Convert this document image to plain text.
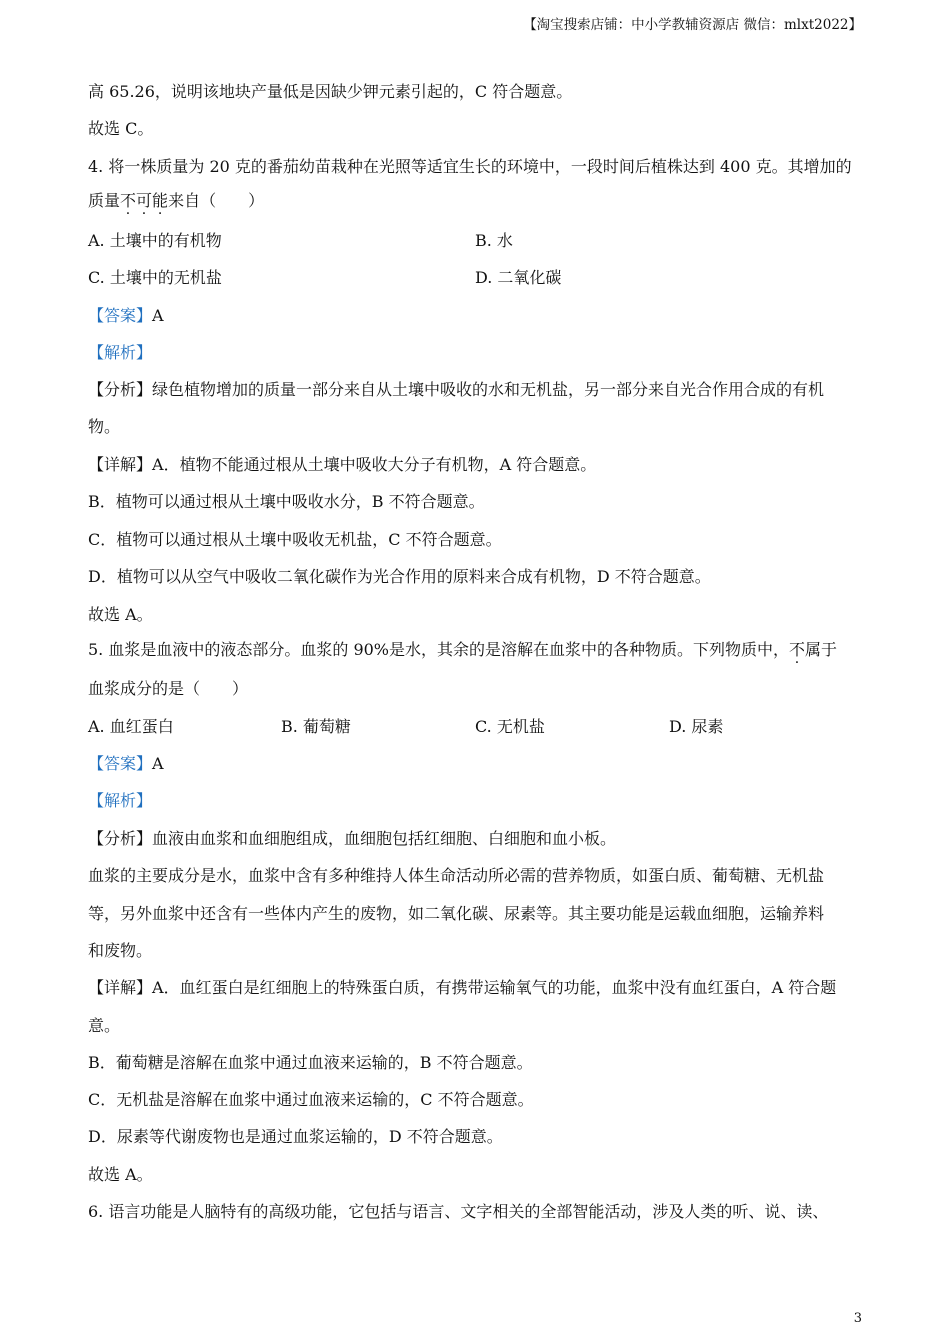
【淘宝搜索店铺：中小学教辅资源店 微信：mlxt2022】
高 65.26，说明该地块产量低是因缺少钾元素引起的，C 符合题意。
故选 C。
4. 将一株质量为 20 克的番茄幼苗栽种在光照等适宜生长的环境中，一段时间后植株达到 400 克。其增加的
质量不可能来自（　　）
A. 土壤中的有机物	B. 水
C. 土壤中的无机盐	D. 二氧化碳
【答案】A
【解析】
【分析】绿色植物增加的质量一部分来自从土壤中吸收的水和无机盐，另一部分来自光合作用合成的有机
物。
【详解】A．植物不能通过根从土壤中吸收大分子有机物，A 符合题意。
B．植物可以通过根从土壤中吸收水分，B 不符合题意。
C．植物可以通过根从土壤中吸收无机盐，C 不符合题意。
D．植物可以从空气中吸收二氧化碳作为光合作用的原料来合成有机物，D 不符合题意。
故选 A。
5. 血浆是血液中的液态部分。血浆的 90%是水，其余的是溶解在血浆中的各种物质。下列物质中，不属于
血浆成分的是（　　）
A. 血红蛋白	B. 葡萄糖	C. 无机盐	D. 尿素
【答案】A
【解析】
【分析】血液由血浆和血细胞组成，血细胞包括红细胞、白细胞和血小板。
血浆的主要成分是水，血浆中含有多种维持人体生命活动所必需的营养物质，如蛋白质、葡萄糖、无机盐
等，另外血浆中还含有一些体内产生的废物，如二氧化碳、尿素等。其主要功能是运载血细胞，运输养料
和废物。
【详解】A．血红蛋白是红细胞上的特殊蛋白质，有携带运输氧气的功能，血浆中没有血红蛋白，A 符合题
意。
B．葡萄糖是溶解在血浆中通过血液来运输的，B 不符合题意。
C．无机盐是溶解在血浆中通过血液来运输的，C 不符合题意。
D．尿素等代谢废物也是通过血浆运输的，D 不符合题意。
故选 A。
6. 语言功能是人脑特有的高级功能，它包括与语言、文字相关的全部智能活动，涉及人类的听、说、读、
3
